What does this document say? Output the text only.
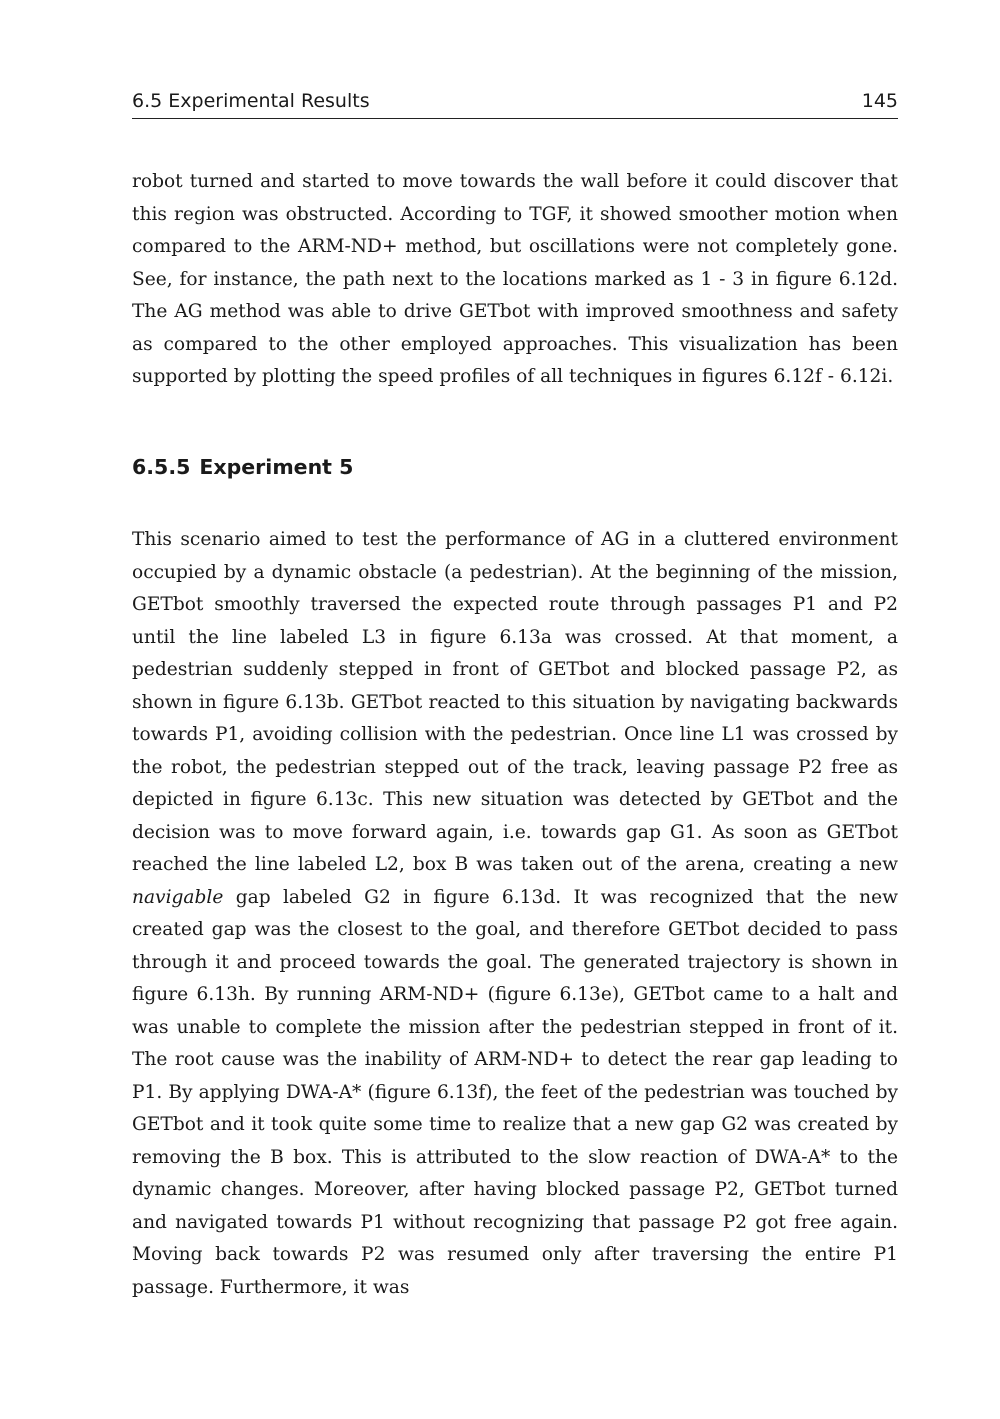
6.5 Experimental Results	145

robot turned and started to move towards the wall before it could discover that this region was obstructed. According to TGF, it showed smoother motion when compared to the ARM-ND+ method, but oscillations were not completely gone. See, for instance, the path next to the locations marked as 1 - 3 in figure 6.12d. The AG method was able to drive GETbot with improved smoothness and safety as compared to the other employed approaches. This visualization has been supported by plotting the speed profiles of all techniques in figures 6.12f - 6.12i.

6.5.5 Experiment 5

This scenario aimed to test the performance of AG in a cluttered environment occupied by a dynamic obstacle (a pedestrian). At the beginning of the mission, GETbot smoothly traversed the expected route through passages P1 and P2 until the line labeled L3 in figure 6.13a was crossed. At that moment, a pedestrian suddenly stepped in front of GETbot and blocked passage P2, as shown in figure 6.13b. GETbot reacted to this situation by navigating backwards towards P1, avoiding collision with the pedestrian. Once line L1 was crossed by the robot, the pedestrian stepped out of the track, leaving passage P2 free as depicted in figure 6.13c. This new situation was detected by GETbot and the decision was to move forward again, i.e. towards gap G1. As soon as GETbot reached the line labeled L2, box B was taken out of the arena, creating a new navigable gap labeled G2 in figure 6.13d. It was recognized that the new created gap was the closest to the goal, and therefore GETbot decided to pass through it and proceed towards the goal. The generated trajectory is shown in figure 6.13h. By running ARM-ND+ (figure 6.13e), GETbot came to a halt and was unable to complete the mission after the pedestrian stepped in front of it. The root cause was the inability of ARM-ND+ to detect the rear gap leading to P1. By applying DWA-A* (figure 6.13f), the feet of the pedestrian was touched by GETbot and it took quite some time to realize that a new gap G2 was created by removing the B box. This is attributed to the slow reaction of DWA-A* to the dynamic changes. Moreover, after having blocked passage P2, GETbot turned and navigated towards P1 without recognizing that passage P2 got free again. Moving back towards P2 was resumed only after traversing the entire P1 passage. Furthermore, it was
